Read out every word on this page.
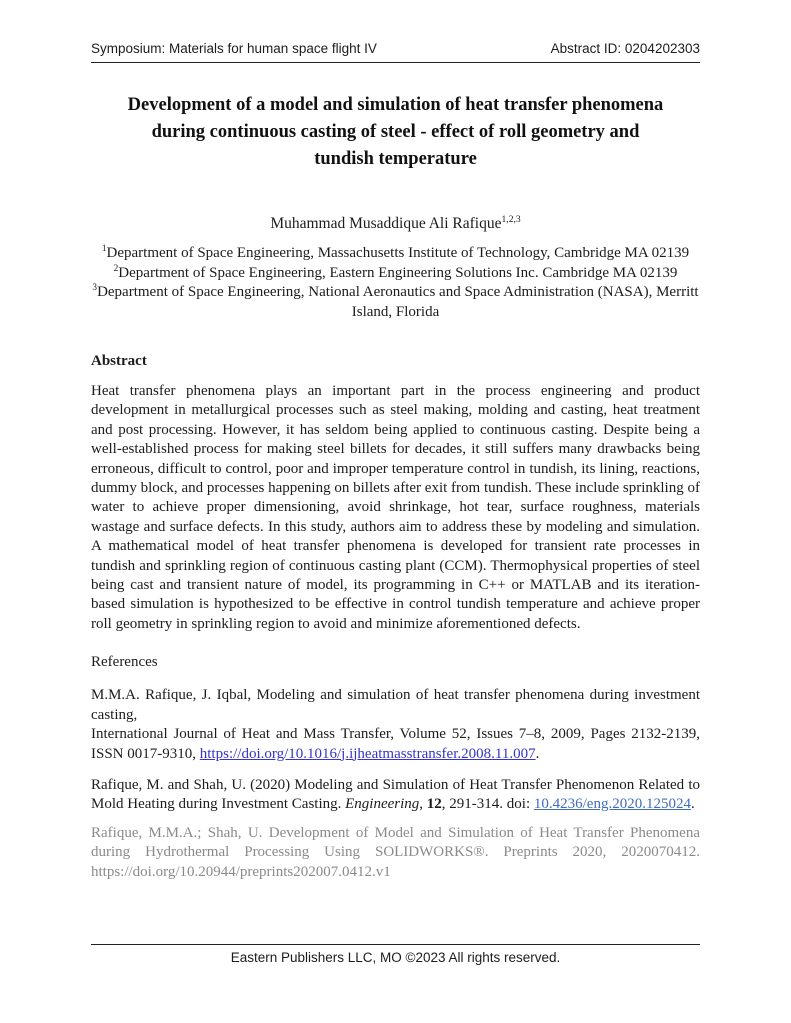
Symposium: Materials for human space flight IV	Abstract ID: 0204202303
Development of a model and simulation of heat transfer phenomena
during continuous casting of steel - effect of roll geometry and
tundish temperature
Muhammad Musaddique Ali Rafique$^{1,2,3}$
$^1$Department of Space Engineering, Massachusetts Institute of Technology, Cambridge MA 02139
$^2$Department of Space Engineering, Eastern Engineering Solutions Inc. Cambridge MA 02139
$^3$Department of Space Engineering, National Aeronautics and Space Administration (NASA), Merritt Island, Florida
Abstract

Heat transfer phenomena plays an important part in the process engineering and product development in metallurgical processes such as steel making, molding and casting, heat treatment and post processing. However, it has seldom being applied to continuous casting. Despite being a well-established process for making steel billets for decades, it still suffers many drawbacks being erroneous, difficult to control, poor and improper temperature control in tundish, its lining, reactions, dummy block, and processes happening on billets after exit from tundish. These include sprinkling of water to achieve proper dimensioning, avoid shrinkage, hot tear, surface roughness, materials wastage and surface defects. In this study, authors aim to address these by modeling and simulation. A mathematical model of heat transfer phenomena is developed for transient rate processes in tundish and sprinkling region of continuous casting plant (CCM). Thermophysical properties of steel being cast and transient nature of model, its programming in C++ or MATLAB and its iteration-based simulation is hypothesized to be effective in control tundish temperature and achieve proper roll geometry in sprinkling region to avoid and minimize aforementioned defects.

References
M.M.A. Rafique, J. Iqbal, Modeling and simulation of heat transfer phenomena during investment casting,
International Journal of Heat and Mass Transfer, Volume 52, Issues 7–8, 2009, Pages 2132-2139, ISSN 0017-9310, https://doi.org/10.1016/j.ijheatmasstransfer.2008.11.007.
Rafique, M. and Shah, U. (2020) Modeling and Simulation of Heat Transfer Phenomenon Related to Mold Heating during Investment Casting. Engineering, 12, 291-314. doi: 10.4236/eng.2020.125024.
Rafique, M.M.A.; Shah, U. Development of Model and Simulation of Heat Transfer Phenomena during Hydrothermal Processing Using SOLIDWORKS®. Preprints 2020, 2020070412. https://doi.org/10.20944/preprints202007.0412.v1
Eastern Publishers LLC, MO ©2023 All rights reserved.
